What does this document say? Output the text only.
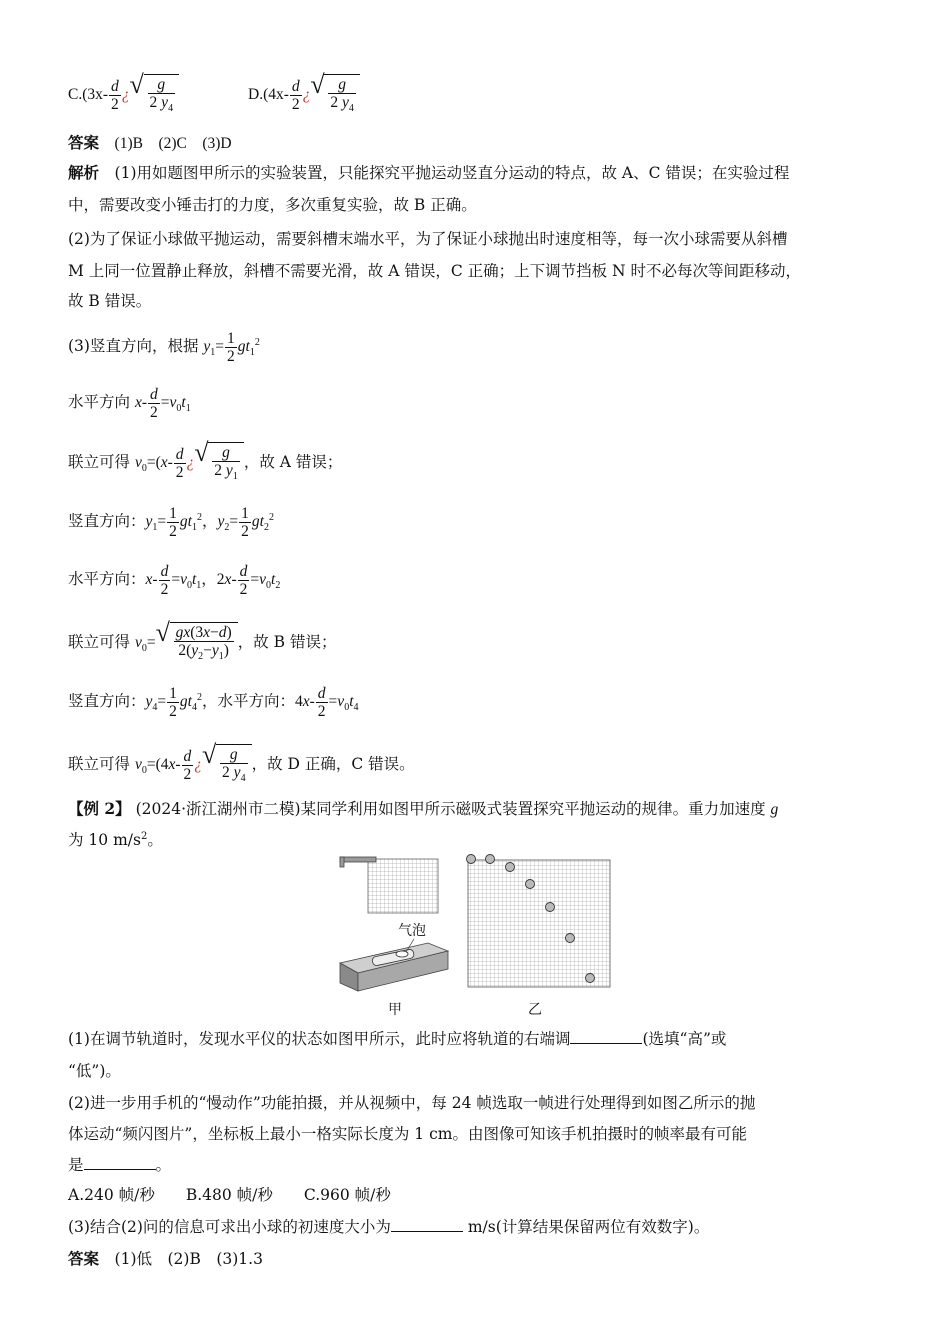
$C.(3x- \frac{d}{2}$ ¿ √ $\frac{g}{2 y_4}$	$D.(4x- \frac{d}{2}$ ¿ √ $\frac{g}{2 y_4}$
答案　 (1)B　(2)C　(3)D
解析　 (1)用如题图甲所示的实验装置，只能探究平抛运动竖直分运动的特点，故 A、C 错误；在实验过程
中，需要改变小锤击打的力度，多次重复实验，故 B 正确。
(2)为了保证小球做平抛运动，需要斜槽末端水平，为了保证小球抛出时速度相等，每一次小球需要从斜槽
M 上同一位置静止释放，斜槽不需要光滑，故 A 错误，C 正确；上下调节挡板 N 时不必每次等间距移动，
故 B 错误。
(3)竖直方向，根据 $y_1= \frac{1}{2} gt_1^2$
水平方向 $x- \frac{d}{2} =v_0t_1$
联立可得 $v_0=(x- \frac{d}{2}$ ¿ √ $\frac{g}{2 y_1}$ ，故 A 错误；
竖直方向：$y_1= \frac{1}{2} gt_1^2$，$y_2= \frac{1}{2} gt_2^2$
水平方向：$x- \frac{d}{2} =v_0t_1$，$2x- \frac{d}{2} =v_0t_2$
联立可得 $v_0=$ √ $\frac{gx(3x-d)}{2(y_2-y_1)}$ ，故 B 错误；
竖直方向：$y_4= \frac{1}{2} gt_4^2$，水平方向：$4x- \frac{d}{2} =v_0t_4$
联立可得 $v_0=(4x- \frac{d}{2}$ ¿ √ $\frac{g}{2 y_4}$ ，故 D 正确，C 错误。
【例 2】 (2024·浙江湖州市二模)某同学利用如图甲所示磁吸式装置探究平抛运动的规律。重力加速度 g
为 10 $m/s^2$。
气泡
甲	乙
(1)在调节轨道时，发现水平仪的状态如图甲所示，此时应将轨道的右端调	(选填“高”或
“低”)。
(2)进一步用手机的“慢动作”功能拍摄，并从视频中，每 24 帧选取一帧进行处理得到如图乙所示的抛
体运动“频闪图片”，坐标板上最小一格实际长度为 1 cm。由图像可知该手机拍摄时的帧率最有可能
是	。
A.240 帧/秒　　B.480 帧/秒　　C.960 帧/秒
(3)结合(2)问的信息可求出小球的初速度大小为	m/s(计算结果保留两位有效数字)。
答案　 (1)低　(2)B　(3)1.3
